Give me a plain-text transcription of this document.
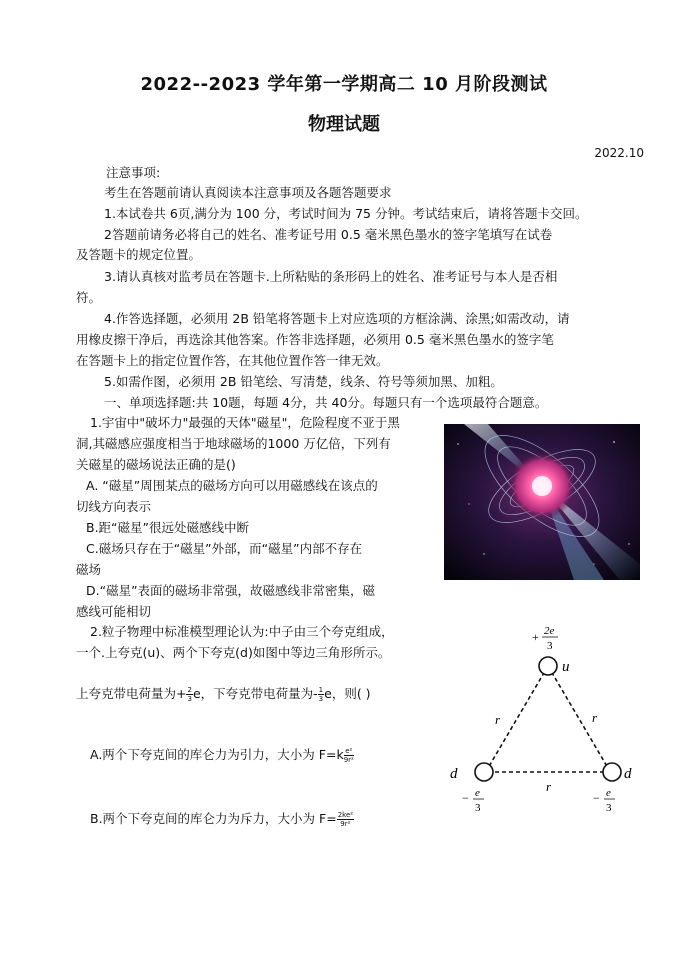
2022--2023 学年第一学期高二 10 月阶段测试
物理试题
2022.10
注意事项:
考生在答题前请认真阅读本注意事项及各题答题要求
1.本试卷共 6页,满分为 100 分，考试时间为 75 分钟。考试结束后，请将答题卡交回。
2答题前请务必将自己的姓名、准考证号用 0.5 毫米黑色墨水的签字笔填写在试卷
及答题卡的规定位置。
3.请认真核对监考员在答题卡.上所粘贴的条形码上的姓名、准考证号与本人是否相
符。
4.作答选择题，必须用 2B 铅笔将答题卡上对应选项的方框涂满、涂黑;如需改动，请
用橡皮擦干净后，再选涂其他答案。作答非选择题，必须用 0.5 毫米黑色墨水的签字笔
在答题卡上的指定位置作答，在其他位置作答一律无效。
5.如需作图，必须用 2B 铅笔绘、写清楚，线条、符号等须加黑、加粗。
一、单项选择题:共 10题，每题 4分，共 40分。每题只有一个选项最符合题意。
1.宇宙中"破坏力"最强的天体"磁星"，危险程度不亚于黑
洞,其磁感应强度相当于地球磁场的1000 万亿倍，下列有
关磁星的磁场说法正确的是()
A. “磁星”周围某点的磁场方向可以用磁感线在该点的
切线方向表示
B.距“磁星”很远处磁感线中断
C.磁场只存在于“磁星”外部，而“磁星”内部不存在
磁场
D.“磁星”表面的磁场非常强，故磁感线非常密集，磁
感线可能相切
2.粒子物理中标准模型理论认为:中子由三个夸克组成，
一个.上夸克(u)、两个下夸克(d)如图中等边三角形所示。
上夸克带电荷量为+ $\frac{2}{3}$ e，下夸克带电荷量为- $\frac{1}{3}$ e，则( )
A.两个下夸克间的库仑力为引力，大小为 $F=k \frac{\text{e²}}{\text{9r²}}$
B.两个下夸克间的库仑力为斥力，大小为 $F= \frac{\text{2ke²}}{\text{9r²}}$
u
d	d
r	r
r
+ 2e
3
− e
3
− e
3
